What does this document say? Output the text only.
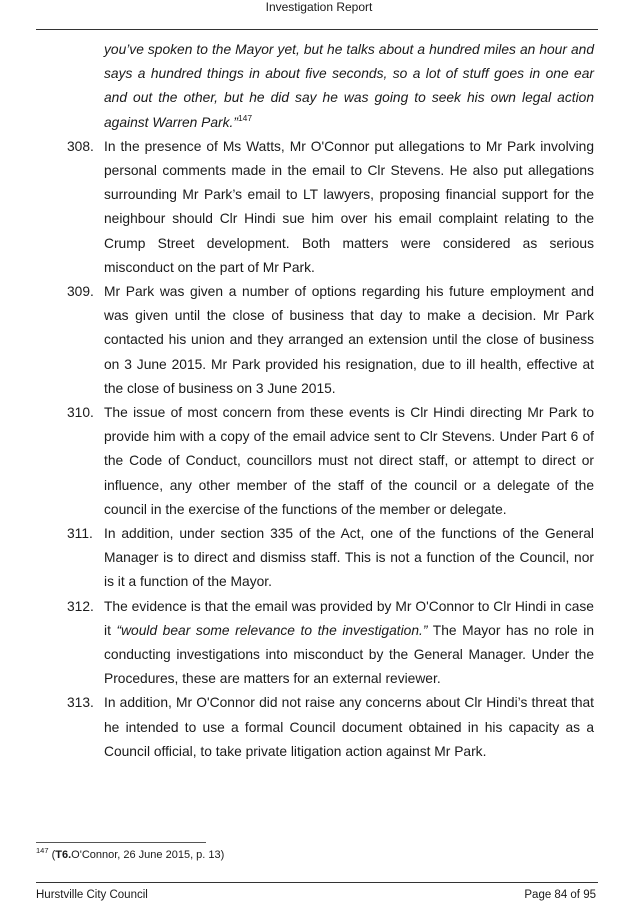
Investigation Report

you’ve spoken to the Mayor yet, but he talks about a hundred miles an hour and says a hundred things in about five seconds, so a lot of stuff goes in one ear and out the other, but he did say he was going to seek his own legal action against Warren Park.”$^{147}$

308. In the presence of Ms Watts, Mr O'Connor put allegations to Mr Park involving personal comments made in the email to Clr Stevens. He also put allegations surrounding Mr Park’s email to LT lawyers, proposing financial support for the neighbour should Clr Hindi sue him over his email complaint relating to the Crump Street development. Both matters were considered as serious misconduct on the part of Mr Park.

309. Mr Park was given a number of options regarding his future employment and was given until the close of business that day to make a decision. Mr Park contacted his union and they arranged an extension until the close of business on 3 June 2015. Mr Park provided his resignation, due to ill health, effective at the close of business on 3 June 2015.

310. The issue of most concern from these events is Clr Hindi directing Mr Park to provide him with a copy of the email advice sent to Clr Stevens. Under Part 6 of the Code of Conduct, councillors must not direct staff, or attempt to direct or influence, any other member of the staff of the council or a delegate of the council in the exercise of the functions of the member or delegate.

311. In addition, under section 335 of the Act, one of the functions of the General Manager is to direct and dismiss staff. This is not a function of the Council, nor is it a function of the Mayor.

312. The evidence is that the email was provided by Mr O'Connor to Clr Hindi in case it “would bear some relevance to the investigation.” The Mayor has no role in conducting investigations into misconduct by the General Manager. Under the Procedures, these are matters for an external reviewer.

313. In addition, Mr O'Connor did not raise any concerns about Clr Hindi’s threat that he intended to use a formal Council document obtained in his capacity as a Council official, to take private litigation action against Mr Park.

$^{147}$ (T6.O'Connor, 26 June 2015, p. 13)
Hurstville City Council	Page 84 of 95
